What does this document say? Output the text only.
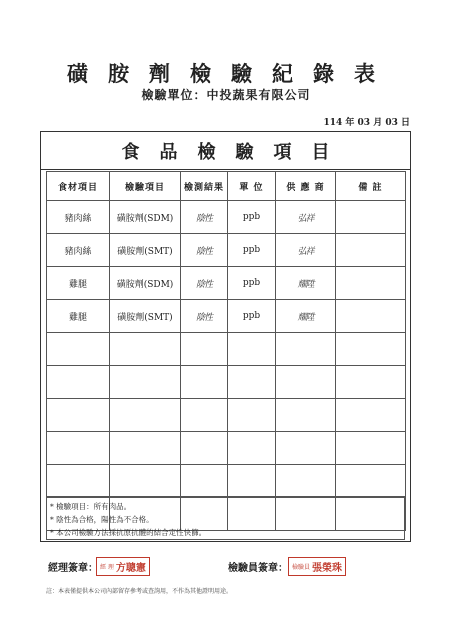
磺胺劑檢驗紀錄表
檢驗單位：中投蔬果有限公司
114 年 03 月 03 日
食品檢驗項目
食材項目	檢驗項目	檢測結果	單 位	供 應 商	備 註
豬肉絲	磺胺劑(SDM)	陰性	ppb	弘祥	
豬肉絲	磺胺劑(SMT)	陰性	ppb	弘祥	
雞腿	磺胺劑(SDM)	陰性	ppb	耀陞	
雞腿	磺胺劑(SMT)	陰性	ppb	耀陞	

* 檢驗項目：所有肉品。
* 陰性為合格，陽性為不合格。
* 本公司檢驗方法採抗原抗體的結合定性快篩。
經理簽章： 經 理 方聰憲	檢驗員簽章： 檢驗員 張榮珠
註：本表僅提供本公司內部留存參考或查詢用，不作為其他證明用途。
